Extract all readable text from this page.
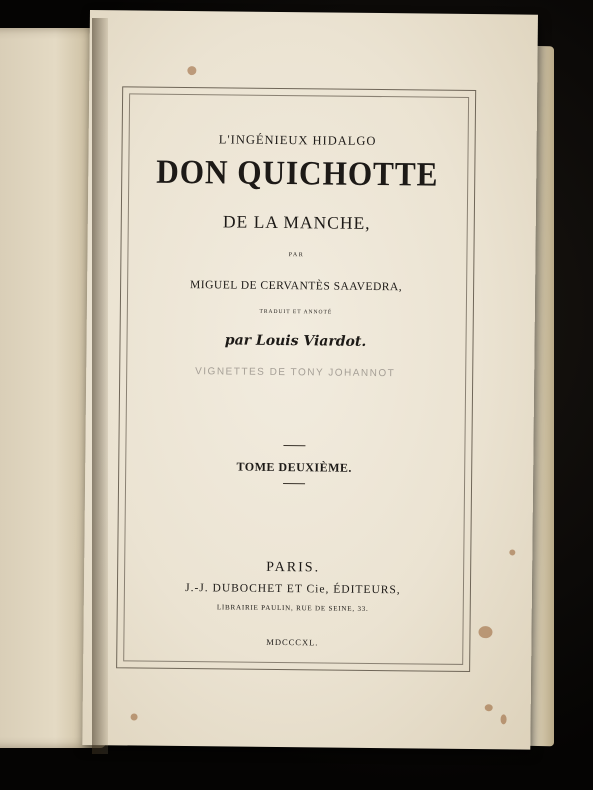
L'INGÉNIEUX HIDALGO
DON QUICHOTTE
DE LA MANCHE,
PAR
MIGUEL DE CERVANTÈS SAAVEDRA,
TRADUIT ET ANNOTÉ
par Louis Viardot.
VIGNETTES DE TONY JOHANNOT
TOME DEUXIÈME.
PARIS.
J.-J. DUBOCHET ET Cie, ÉDITEURS,
LIBRAIRIE PAULIN, RUE DE SEINE, 33.
MDCCCXL.
